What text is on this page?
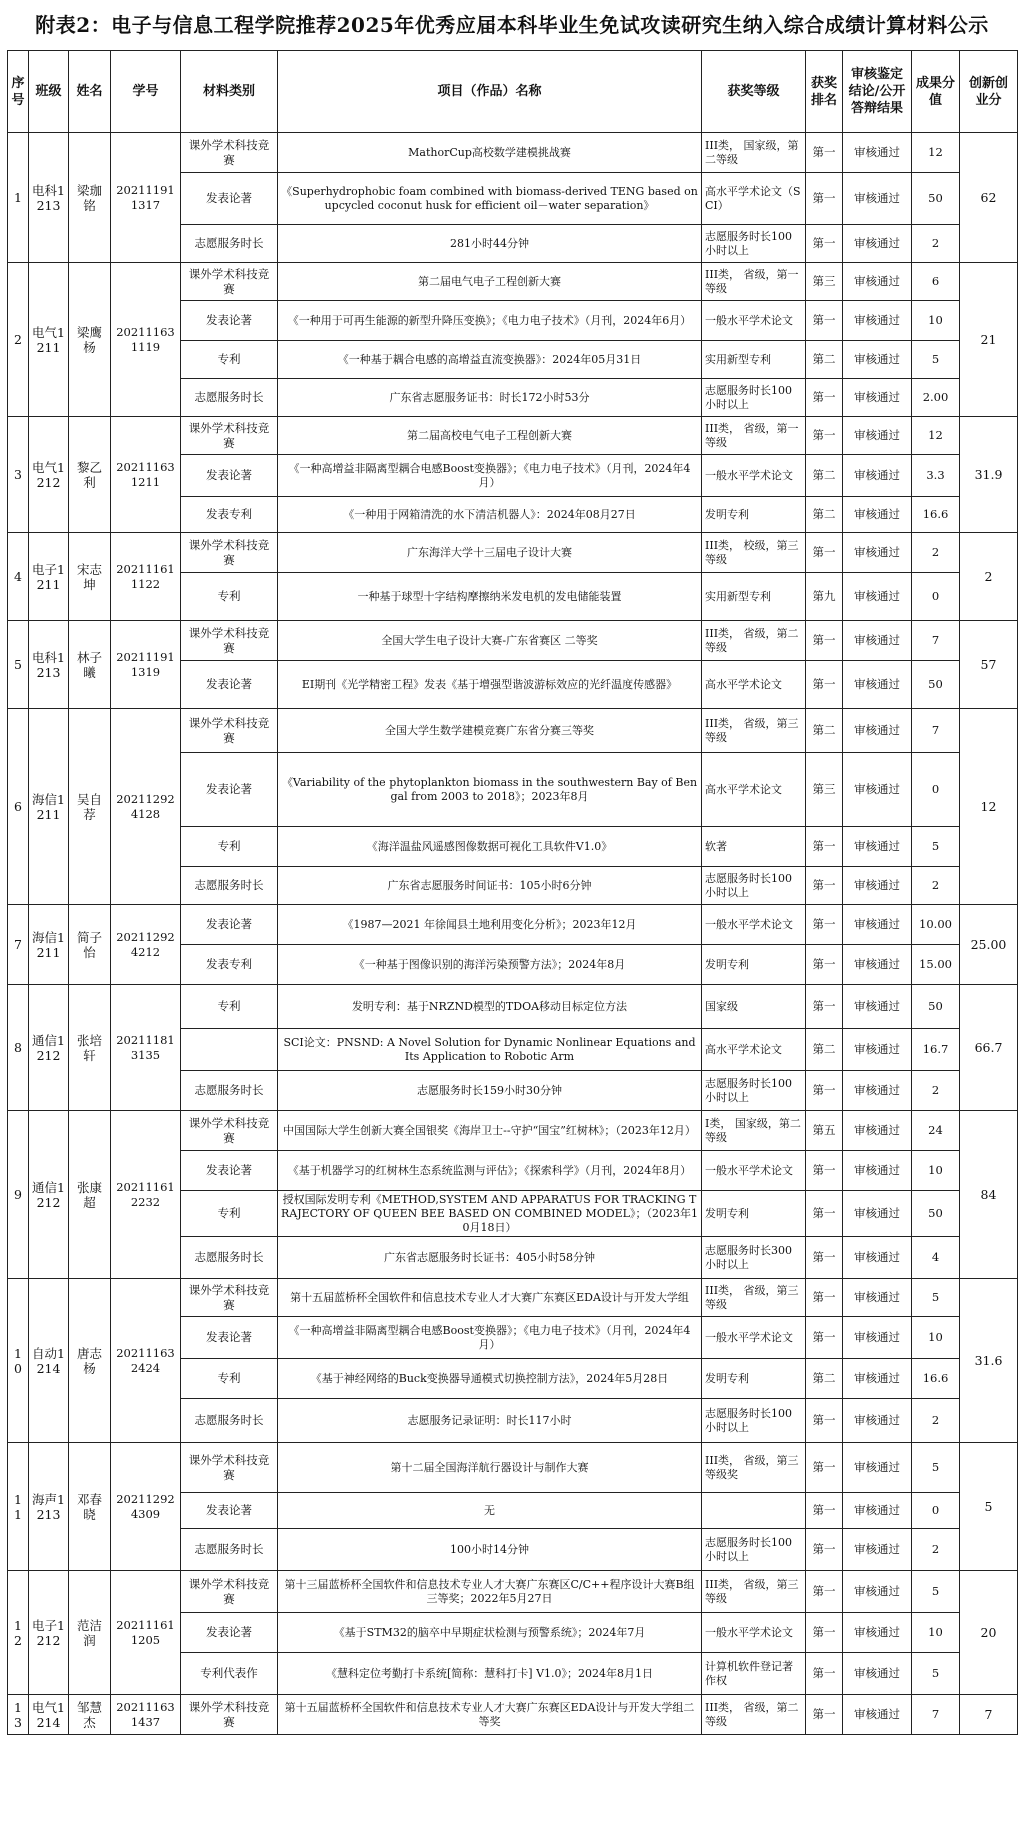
附表2：电子与信息工程学院推荐2025年优秀应届本科毕业生免试攻读研究生纳入综合成绩计算材料公示
序号	班级	姓名	学号	材料类别	项目（作品）名称	获奖等级	获奖排名	审核鉴定结论/公开答辩结果	成果分值	创新创业分
1	电科1213	梁珈铭	202111911317	课外学术科技竞赛	MathorCup高校数学建模挑战赛	III类， 国家级，第二等级	第一	审核通过	12	62
				发表论著	《Superhydrophobic foam combined with biomass-derived TENG based on upcycled coconut husk for efficient oil－water separation》	高水平学术论文（SCI）	第一	审核通过	50	
				志愿服务时长	281小时44分钟	志愿服务时长100小时以上	第一	审核通过	2	
2	电气1211	梁鹰杨	202111631119	课外学术科技竞赛	第二届电气电子工程创新大赛	III类， 省级，第一等级	第三	审核通过	6	21
				发表论著	《一种用于可再生能源的新型升降压变换》；《电力电子技术》（月刊，2024年6月）	一般水平学术论文	第一	审核通过	10	
				专利	《一种基于耦合电感的高增益直流变换器》：2024年05月31日	实用新型专利	第二	审核通过	5	
				志愿服务时长	广东省志愿服务证书：时长172小时53分	志愿服务时长100小时以上	第一	审核通过	2.00	
3	电气1212	黎乙利	202111631211	课外学术科技竞赛	第二届高校电气电子工程创新大赛	III类， 省级，第一等级	第一	审核通过	12	31.9
				发表论著	《一种高增益非隔离型耦合电感Boost变换器》；《电力电子技术》（月刊，2024年4月）	一般水平学术论文	第二	审核通过	3.3	
				发表专利	《一种用于网箱清洗的水下清洁机器人》：2024年08月27日	发明专利	第二	审核通过	16.6	
4	电子1211	宋志坤	202111611122	课外学术科技竞赛	广东海洋大学十三届电子设计大赛	III类， 校级，第三等级	第一	审核通过	2	2
				专利	一种基于球型十字结构摩擦纳米发电机的发电储能装置	实用新型专利	第九	审核通过	0	
5	电科1213	林子曦	202111911319	课外学术科技竞赛	全国大学生电子设计大赛-广东省赛区 二等奖	III类， 省级，第二等级	第一	审核通过	7	57
				发表论著	EI期刊《光学精密工程》发表《基于增强型谐波游标效应的光纤温度传感器》	高水平学术论文	第一	审核通过	50	
6	海信1211	吴自荐	202112924128	课外学术科技竞赛	全国大学生数学建模竞赛广东省分赛三等奖	III类， 省级，第三等级	第二	审核通过	7	12
				发表论著	《Variability of the phytoplankton biomass in the southwestern Bay of Bengal from 2003 to 2018》；2023年8月	高水平学术论文	第三	审核通过	0	
				专利	《海洋温盐风遥感图像数据可视化工具软件V1.0》	软著	第一	审核通过	5	
				志愿服务时长	广东省志愿服务时间证书：105小时6分钟	志愿服务时长100小时以上	第一	审核通过	2	
7	海信1211	简子怡	202112924212	发表论著	《1987—2021 年徐闻县土地利用变化分析》；2023年12月	一般水平学术论文	第一	审核通过	10.00	25.00
				发表专利	《一种基于图像识别的海洋污染预警方法》；2024年8月	发明专利	第一	审核通过	15.00	
8	通信1212	张培轩	202111813135	专利	发明专利：基于NRZND模型的TDOA移动目标定位方法	国家级	第一	审核通过	50	66.7
					SCI论文：PNSND: A Novel Solution for Dynamic Nonlinear Equations and Its Application to Robotic Arm	高水平学术论文	第二	审核通过	16.7	
				志愿服务时长	志愿服务时长159小时30分钟	志愿服务时长100小时以上	第一	审核通过	2	
9	通信1212	张康超	202111612232	课外学术科技竞赛	中国国际大学生创新大赛全国银奖《海岸卫士--守护“国宝”红树林》；（2023年12月）	I类， 国家级，第二等级	第五	审核通过	24	84
				发表论著	《基于机器学习的红树林生态系统监测与评估》；《探索科学》（月刊，2024年8月）	一般水平学术论文	第一	审核通过	10	
				专利	授权国际发明专利《METHOD,SYSTEM AND APPARATUS FOR TRACKING TRAJECTORY OF QUEEN BEE BASED ON COMBINED MODEL》；（2023年10月18日）	发明专利	第一	审核通过	50	
				志愿服务时长	广东省志愿服务时长证书：405小时58分钟	志愿服务时长300小时以上	第一	审核通过	4	
10	自动1214	唐志杨	202111632424	课外学术科技竞赛	第十五届蓝桥杯全国软件和信息技术专业人才大赛广东赛区EDA设计与开发大学组	III类， 省级，第三等级	第一	审核通过	5	31.6
				发表论著	《一种高增益非隔离型耦合电感Boost变换器》；《电力电子技术》（月刊，2024年4月）	一般水平学术论文	第一	审核通过	10	
				专利	《基于神经网络的Buck变换器导通模式切换控制方法》，2024年5月28日	发明专利	第二	审核通过	16.6	
				志愿服务时长	志愿服务记录证明：时长117小时	志愿服务时长100小时以上	第一	审核通过	2	
11	海声1213	邓春晓	202112924309	课外学术科技竞赛	第十二届全国海洋航行器设计与制作大赛	III类， 省级，第三等级奖	第一	审核通过	5	5
				发表论著	无		第一	审核通过	0	
				志愿服务时长	100小时14分钟	志愿服务时长100小时以上	第一	审核通过	2	
12	电子1212	范洁润	202111611205	课外学术科技竞赛	第十三届蓝桥杯全国软件和信息技术专业人才大赛广东赛区C/C++程序设计大赛B组三等奖；2022年5月27日	III类， 省级，第三等级	第一	审核通过	5	20
				发表论著	《基于STM32的脑卒中早期症状检测与预警系统》；2024年7月	一般水平学术论文	第一	审核通过	10	
				专利代表作	《慧科定位考勤打卡系统[简称：慧科打卡] V1.0》；2024年8月1日	计算机软件登记著作权	第一	审核通过	5	
13	电气1214	邹慧杰	202111631437	课外学术科技竞赛	第十五届蓝桥杯全国软件和信息技术专业人才大赛广东赛区EDA设计与开发大学组二等奖	III类， 省级，第二等级	第一	审核通过	7	7
